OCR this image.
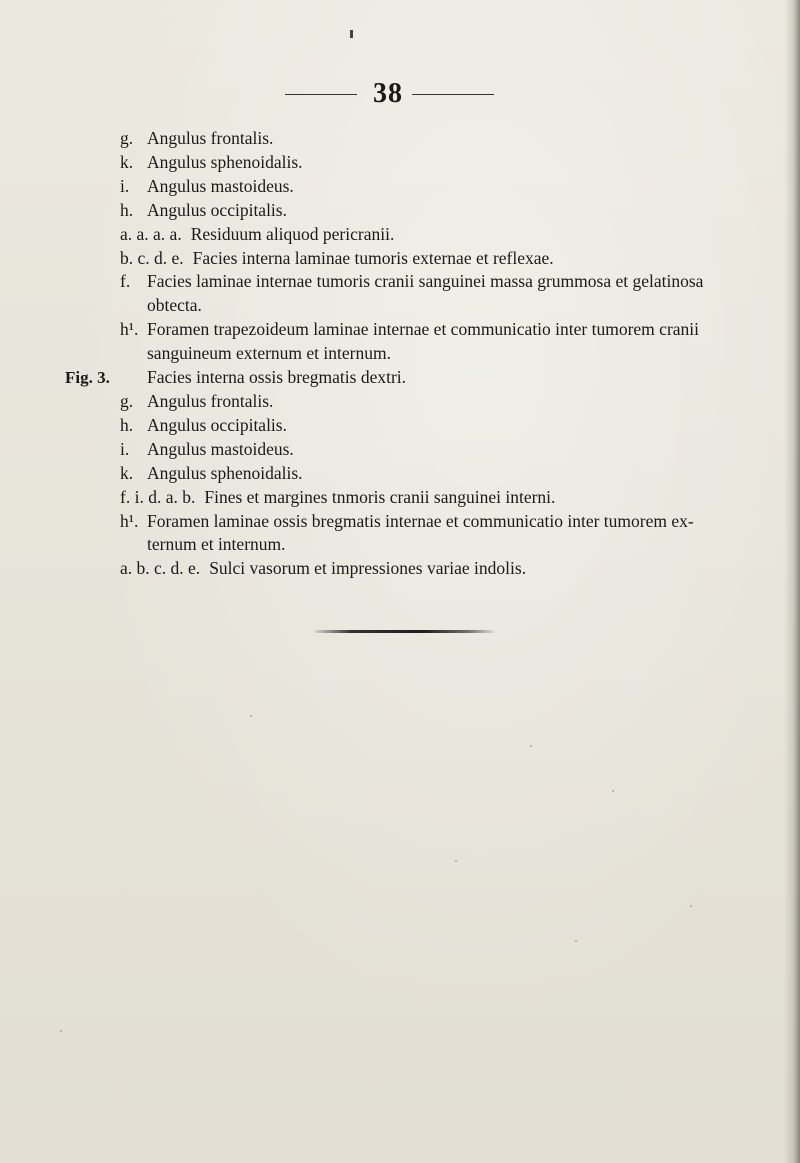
38
g. Angulus frontalis.
k. Angulus sphenoidalis.
i.	Angulus mastoideus.
h. Angulus occipitalis.
a. a. a. a. Residuum aliquod pericranii.
b. c. d. e. Facies interna laminae tumoris externae et reflexae.
f. Facies laminae internae tumoris cranii sanguinei massa grummosa et gelatinosa
obtecta.
h¹. Foramen trapezoideum laminae internae et communicatio inter tumorem cranii
sanguineum externum et internum.
Fig. 3. Facies interna ossis bregmatis dextri.
g. Angulus frontalis.
h. Angulus occipitalis.
i.	Angulus mastoideus.
k. Angulus sphenoidalis.
f. i. d. a. b. Fines et margines tnmoris cranii sanguinei interni.
h¹. Foramen laminae ossis bregmatis internae et communicatio inter tumorem ex-
ternum et internum.
a. b. c. d. e. Sulci vasorum et impressiones variae indolis.
